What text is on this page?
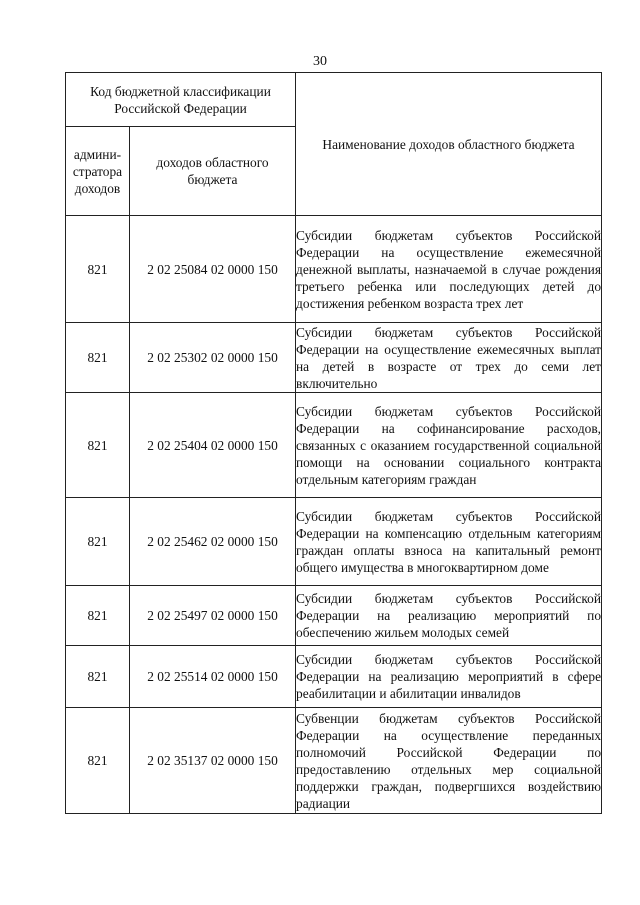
30
Код бюджетной классификации Российской Федерации		Наименование доходов областного бюджета
админи-стратора доходов	доходов областного бюджета	
821	2 02 25084 02 0000 150	Субсидии бюджетам субъектов Российской Федерации на осуществление ежемесячной денежной выплаты, назначаемой в случае рождения третьего ребенка или последующих детей до достижения ребенком возраста трех лет
821	2 02 25302 02 0000 150	Субсидии бюджетам субъектов Российской Федерации на осуществление ежемесячных выплат на детей в возрасте от трех до семи лет включительно
821	2 02 25404 02 0000 150	Субсидии бюджетам субъектов Российской Федерации на софинансирование расходов, связанных с оказанием государственной социальной помощи на основании социального контракта отдельным категориям граждан
821	2 02 25462 02 0000 150	Субсидии бюджетам субъектов Российской Федерации на компенсацию отдельным категориям граждан оплаты взноса на капитальный ремонт общего имущества в многоквартирном доме
821	2 02 25497 02 0000 150	Субсидии бюджетам субъектов Российской Федерации на реализацию мероприятий по обеспечению жильем молодых семей
821	2 02 25514 02 0000 150	Субсидии бюджетам субъектов Российской Федерации на реализацию мероприятий в сфере реабилитации и абилитации инвалидов
821	2 02 35137 02 0000 150	Субвенции бюджетам субъектов Российской Федерации на осуществление переданных полномочий Российской Федерации по предоставлению отдельных мер социальной поддержки граждан, подвергшихся воздействию радиации
